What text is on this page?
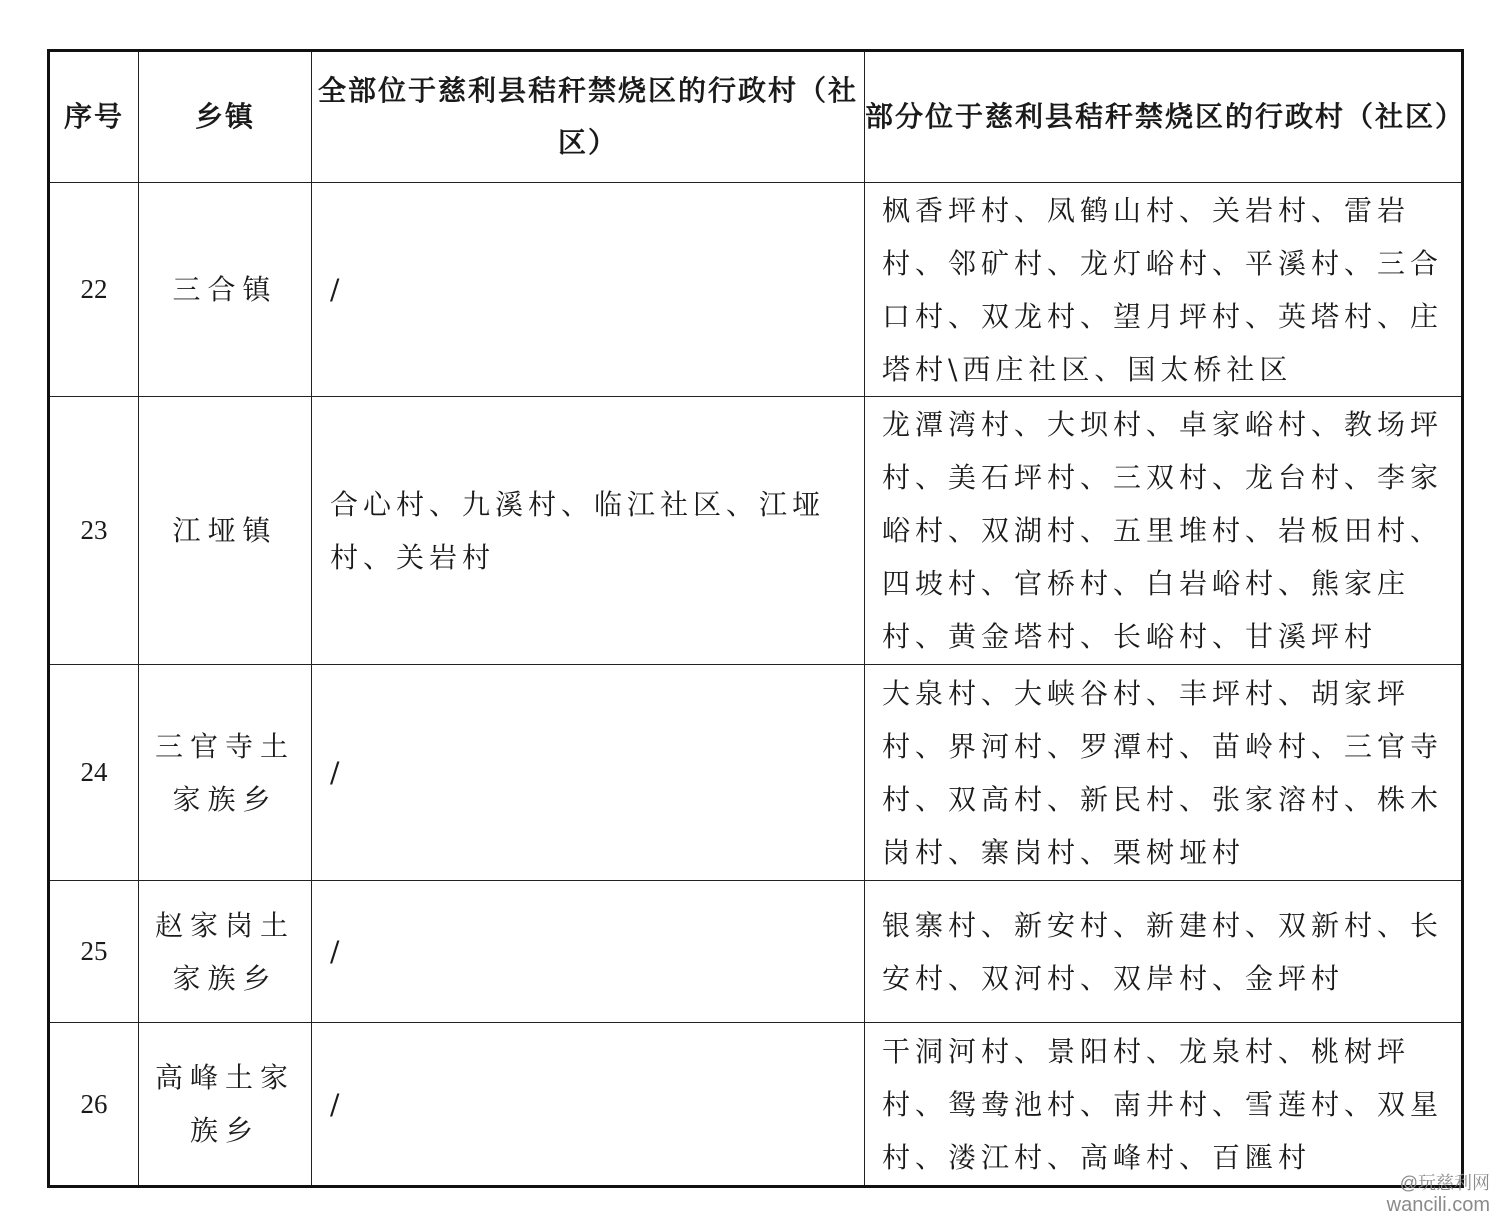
序号	乡镇	全部位于慈利县秸秆禁烧区的行政村（社区）	部分位于慈利县秸秆禁烧区的行政村（社区）
22	三合镇	/	枫香坪村、凤鹤山村、关岩村、雷岩村、邻矿村、龙灯峪村、平溪村、三合口村、双龙村、望月坪村、英塔村、庄塔村\西庄社区、国太桥社区
23	江垭镇	合心村、九溪村、临江社区、江垭村、关岩村	龙潭湾村、大坝村、卓家峪村、教场坪村、美石坪村、三双村、龙台村、李家峪村、双湖村、五里堆村、岩板田村、四坡村、官桥村、白岩峪村、熊家庄村、黄金塔村、长峪村、甘溪坪村
24	三官寺土家族乡	/	大泉村、大峡谷村、丰坪村、胡家坪村、界河村、罗潭村、苗岭村、三官寺村、双高村、新民村、张家溶村、株木岗村、寨岗村、栗树垭村
25	赵家岗土家族乡	/	银寨村、新安村、新建村、双新村、长安村、双河村、双岸村、金坪村
26	高峰土家族乡	/	干洞河村、景阳村、龙泉村、桃树坪村、鸳鸯池村、南井村、雪莲村、双星村、溇江村、高峰村、百匯村
@玩慈利网
wancili.com
